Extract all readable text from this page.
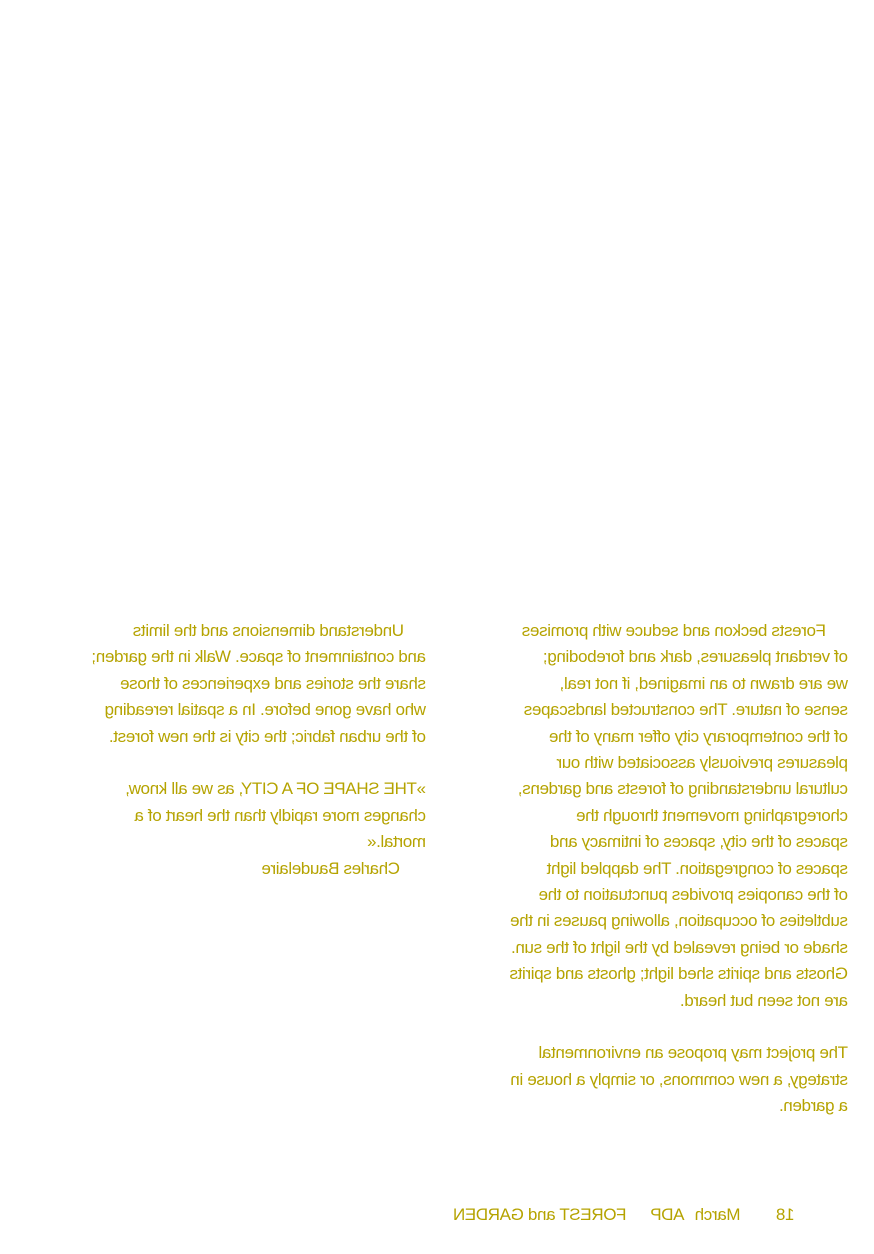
Forests beckon and seduce with promises

of verdant pleasures, dark and foreboding;

we are drawn to an imagined, if not real,

sense of nature. The constructed landscapes

of the contemporary city offer many of the

pleasures previously associated with our

cultural understanding of forests and gardens,

choregraphing movement through the

spaces of the city, spaces of intimacy and

spaces of congregation. The dappled light

of the canopies provides punctuation to the

subtleties of occupation, allowing pauses in the

shade or being revealed by the light of the sun.

Ghosts and spirits shed light; ghosts and spirits

are not seen but heard.

The project may propose an environmental

strategy, a new commons, or simply a house in

a garden.

Understand dimensions and the limits

and containment of space. Walk in the garden;

share the stories and experiences of those

who have gone before. In a spatial rereading

of the urban fabric; the city is the new forest.

»THE SHAPE OF A CITY, as we all know,

changes more rapidly than the heart of a

mortal.«

Charles Baudelaire

18MarchADPFOREST and GARDEN
